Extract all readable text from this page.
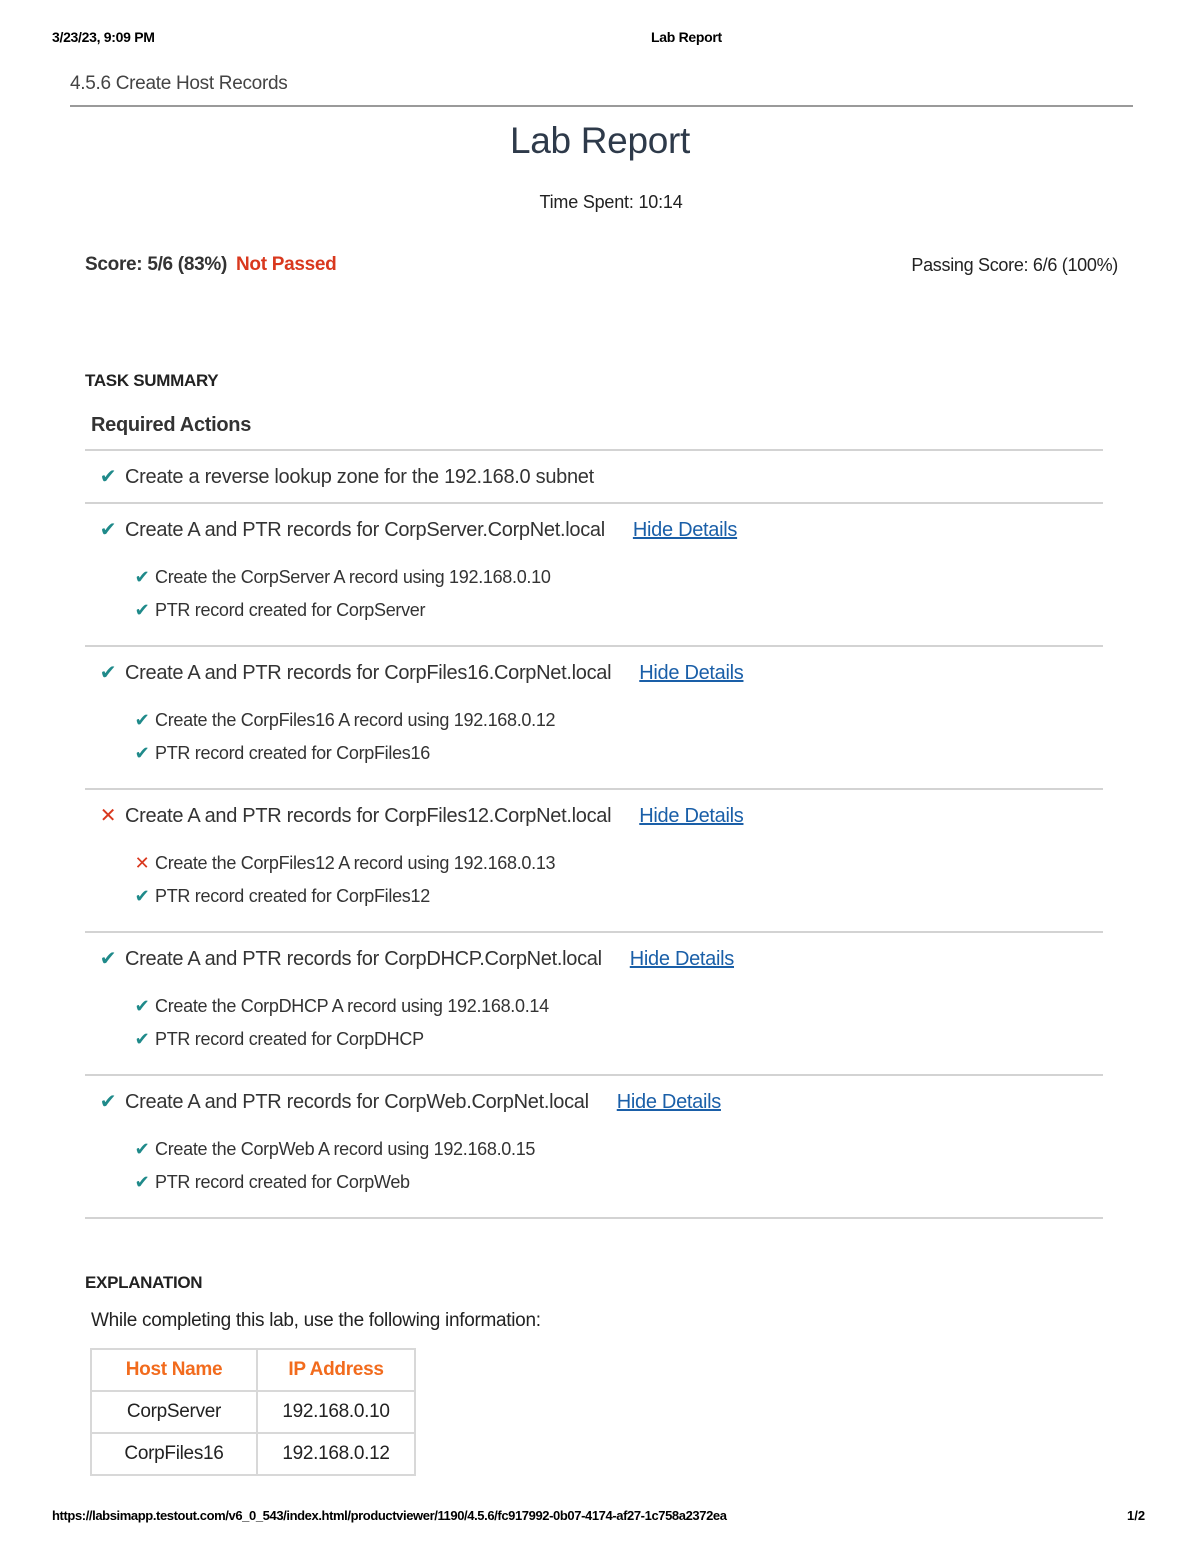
3/23/23, 9:09 PM	Lab Report
4.5.6 Create Host Records
Lab Report
Time Spent: 10:14
Score: 5/6 (83%) Not Passed	Passing Score: 6/6 (100%)
TASK SUMMARY
Required Actions
✔ Create a reverse lookup zone for the 192.168.0 subnet
✔ Create A and PTR records for CorpServer.CorpNet.local Hide Details
✔ Create the CorpServer A record using 192.168.0.10
✔ PTR record created for CorpServer
✔ Create A and PTR records for CorpFiles16.CorpNet.local Hide Details
✔ Create the CorpFiles16 A record using 192.168.0.12
✔ PTR record created for CorpFiles16
✕ Create A and PTR records for CorpFiles12.CorpNet.local Hide Details
✕ Create the CorpFiles12 A record using 192.168.0.13
✔ PTR record created for CorpFiles12
✔ Create A and PTR records for CorpDHCP.CorpNet.local Hide Details
✔ Create the CorpDHCP A record using 192.168.0.14
✔ PTR record created for CorpDHCP
✔ Create A and PTR records for CorpWeb.CorpNet.local Hide Details
✔ Create the CorpWeb A record using 192.168.0.15
✔ PTR record created for CorpWeb
EXPLANATION
While completing this lab, use the following information:
Host Name	IP Address
CorpServer	192.168.0.10
CorpFiles16	192.168.0.12
https://labsimapp.testout.com/v6_0_543/index.html/productviewer/1190/4.5.6/fc917992-0b07-4174-af27-1c758a2372ea	1/2
